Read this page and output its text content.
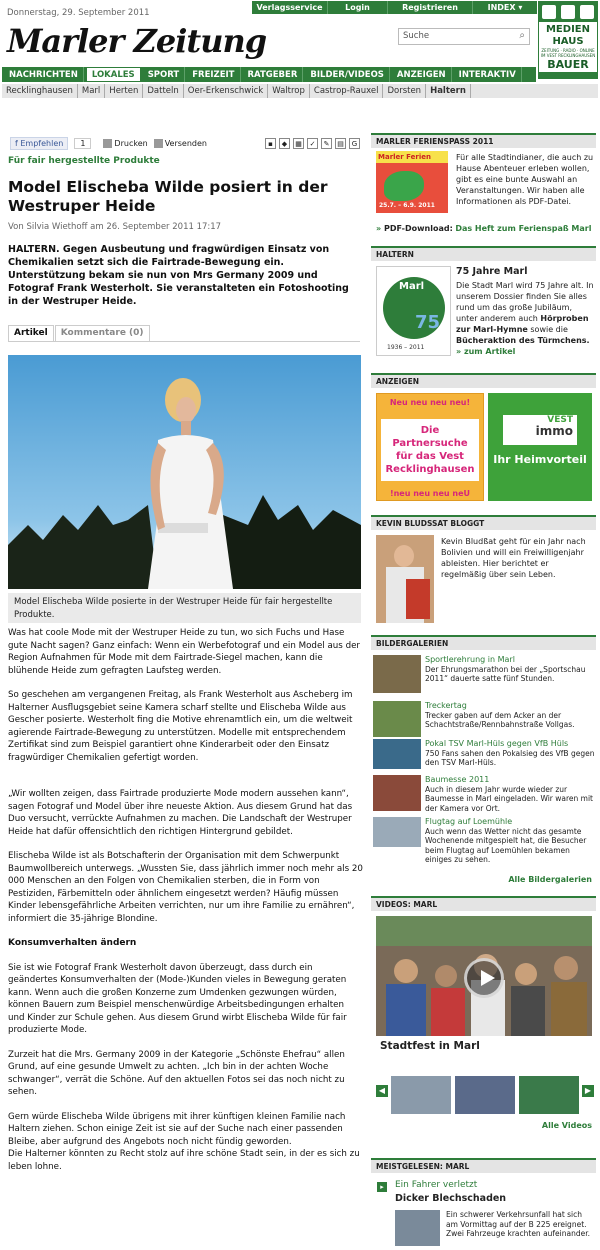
Donnerstag, 29. September 2011
Verlagsservice	Login	Registrieren	INDEX
▾
Marler Zeitung	Suche	⌕
MEDIEN
HAUS
ZEITUNG · RADIO · ONLINE IM VEST RECKLINGHAUSEN
BAUER
NACHRICHTEN	LOKALES	SPORT	FREIZEIT	RATGEBER	BILDER/VIDEOS	ANZEIGEN	INTERAKTIV
Recklinghausen	Marl	Herten	Datteln	Oer-Erkenschwick	Waltrop	Castrop-Rauxel	Dorsten	Haltern
f Empfehlen	1	Drucken	Versenden	▪	◆	▦	✓	✎	▤	G
Für fair hergestellte Produkte
Model Elischeba Wilde posiert in der Westruper Heide
Von Silvia Wiethoff am 26. September 2011 17:17
HALTERN. Gegen Ausbeutung und fragwürdigen Einsatz von Chemikalien setzt sich die Fairtrade-Bewegung ein. Unterstützung bekam sie nun von Mrs Germany 2009 und Fotograf Frank Westerholt. Sie veranstalteten ein Fotoshooting in der Westruper Heide.
Artikel	Kommentare (0)
Model Elischeba Wilde posierte in der Westruper Heide für fair hergestellte Produkte.

Was hat coole Mode mit der Westruper Heide zu tun, wo sich Fuchs und Hase gute Nacht sagen? Ganz einfach: Wenn ein Werbefotograf und ein Model aus der Region Aufnahmen für Mode mit dem Fairtrade-Siegel machen, kann die blühende Heide zum gefragten Laufsteg werden.

So geschehen am vergangenen Freitag, als Frank Westerholt aus Ascheberg im Halterner Ausflugsgebiet seine Kamera scharf stellte und Elischeba Wilde aus Gescher posierte. Westerholt fing die Motive ehrenamtlich ein, um die weltweit agierende Fairtrade-Bewegung zu unterstützen. Modelle mit entsprechendem Zertifikat sind zum Beispiel garantiert ohne Kinderarbeit oder den Einsatz fragwürdiger Chemikalien gefertigt worden.

„Wir wollten zeigen, dass Fairtrade produzierte Mode modern aussehen kann“, sagen Fotograf und Model über ihre neueste Aktion. Aus diesem Grund hat das Duo versucht, verrückte Aufnahmen zu machen. Die Landschaft der Westruper Heide hat dafür offensichtlich den richtigen Hintergrund gebildet.

Elischeba Wilde ist als Botschafterin der Organisation mit dem Schwerpunkt Baumwollbereich unterwegs. „Wussten Sie, dass jährlich immer noch mehr als 20 000 Menschen an den Folgen von Chemikalien sterben, die in Form von Pestiziden, Färbemitteln oder ähnlichem eingesetzt werden? Häufig müssen Kinder lebensgefährliche Arbeiten verrichten, nur um ihre Familie zu ernähren“, informiert die 35-jährige Blondine.

Konsumverhalten ändern

Sie ist wie Fotograf Frank Westerholt davon überzeugt, dass durch ein geändertes Konsumverhalten der (Mode-)Kunden vieles in Bewegung geraten kann. Wenn auch die großen Konzerne zum Umdenken gezwungen würden, können Bauern zum Beispiel menschenwürdige Arbeitsbedingungen erhalten und Kinder zur Schule gehen. Aus diesem Grund wirbt Elischeba Wilde für fair produzierte Mode.

Zurzeit hat die Mrs. Germany 2009 in der Kategorie „Schönste Ehefrau“ allen Grund, auf eine gesunde Umwelt zu achten. „Ich bin in der achten Woche schwanger“, verrät die Schöne. Auf den aktuellen Fotos sei das noch nicht zu sehen.

Gern würde Elischeba Wilde übrigens mit ihrer künftigen kleinen Familie nach Haltern ziehen. Schon einige Zeit ist sie auf der Suche nach einer passenden Bleibe, aber aufgrund des Angebots noch nicht fündig geworden.

Die Halterner könnten zu Recht stolz auf ihre schöne Stadt sein, in der es sich zu leben lohne.

MARLER FERIENSPASS 2011
Marler Ferien
25.7. – 6.9. 2011
Für alle Stadtindianer, die auch zu Hause Abenteuer erleben wollen, gibt es eine bunte Auswahl an Veranstaltungen. Wir haben alle Informationen als PDF-Datei.
» PDF-Download: Das Heft zum Ferienspaß Marl
HALTERN
Marl
75
1936 – 2011
75 Jahre Marl
Die Stadt Marl wird 75 Jahre alt. In unserem Dossier finden Sie alles rund um das große Jubiläum, unter anderem auch Hörproben zur Marl-Hymne sowie die Bücheraktion des Türmchens. » zum Artikel
ANZEIGEN
Neu neu neu neu!
Die Partnersuche für das Vest Recklinghausen
!neu neu neu neU
VEST
immo
Ihr Heimvorteil
KEVIN BLUDSSAT BLOGGT
Kevin Bludßat geht für ein Jahr nach Bolivien und will ein Freiwilligenjahr ableisten. Hier berichtet er regelmäßig über sein Leben.
BILDERGALERIEN
Sportlerehrung in Marl
Der Ehrungsmarathon bei der „Sportschau 2011“ dauerte satte fünf Stunden.
Treckertag
Trecker gaben auf dem Acker an der Schachtstraße/Rennbahnstraße Vollgas.
Pokal TSV Marl-Hüls gegen VfB Hüls
750 Fans sahen den Pokalsieg des VfB gegen den TSV Marl-Hüls.
Baumesse 2011
Auch in diesem Jahr wurde wieder zur Baumesse in Marl eingeladen. Wir waren mit der Kamera vor Ort.
Flugtag auf Loemühle
Auch wenn das Wetter nicht das gesamte Wochenende mitgespielt hat, die Besucher beim Flugtag auf Loemühlen bekamen einiges zu sehen.
Alle Bildergalerien
VIDEOS: MARL
Stadtfest in Marl
◀	▶
Alle Videos
MEISTGELESEN: MARL
▸	Ein Fahrer verletzt
Dicker Blechschaden
Ein schwerer Verkehrsunfall hat sich am Vormittag auf der B 225 ereignet. Zwei Fahrzeuge krachten aufeinander.
